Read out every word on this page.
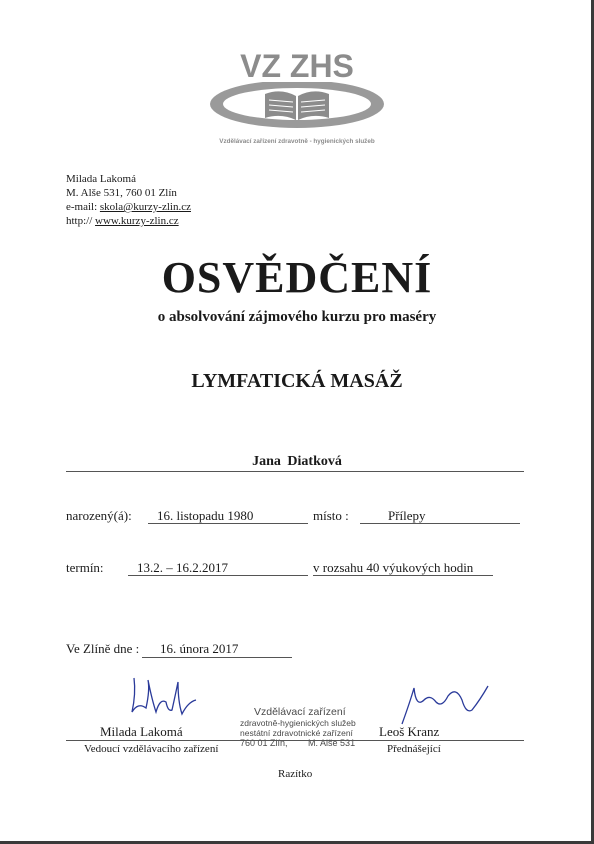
VZ ZHS
Vzdělávací zařízení zdravotně - hygienických služeb
Milada Lakomá
M. Alše 531, 760 01 Zlín
e-mail: skola@kurzy-zlin.cz
http:// www.kurzy-zlin.cz
OSVĚDČENÍ
o absolvování zájmového kurzu pro maséry
LYMFATICKÁ MASÁŽ
Jana Diatková
narozený(á): 16. listopadu 1980	místo :	Přílepy
termín:	13.2. – 16.2.2017	v rozsahu 40 výukových hodin
Ve Zlíně dne : 16. února 2017
Vzdělávací zařízení
zdravotně-hygienických služeb
nestátní zdravotnické zařízení
760 01 Zlín, M. Alše 531
Milada Lakomá	Leoš Kranz
Vedoucí vzdělávacího zařízení	Přednášející
Razítko
